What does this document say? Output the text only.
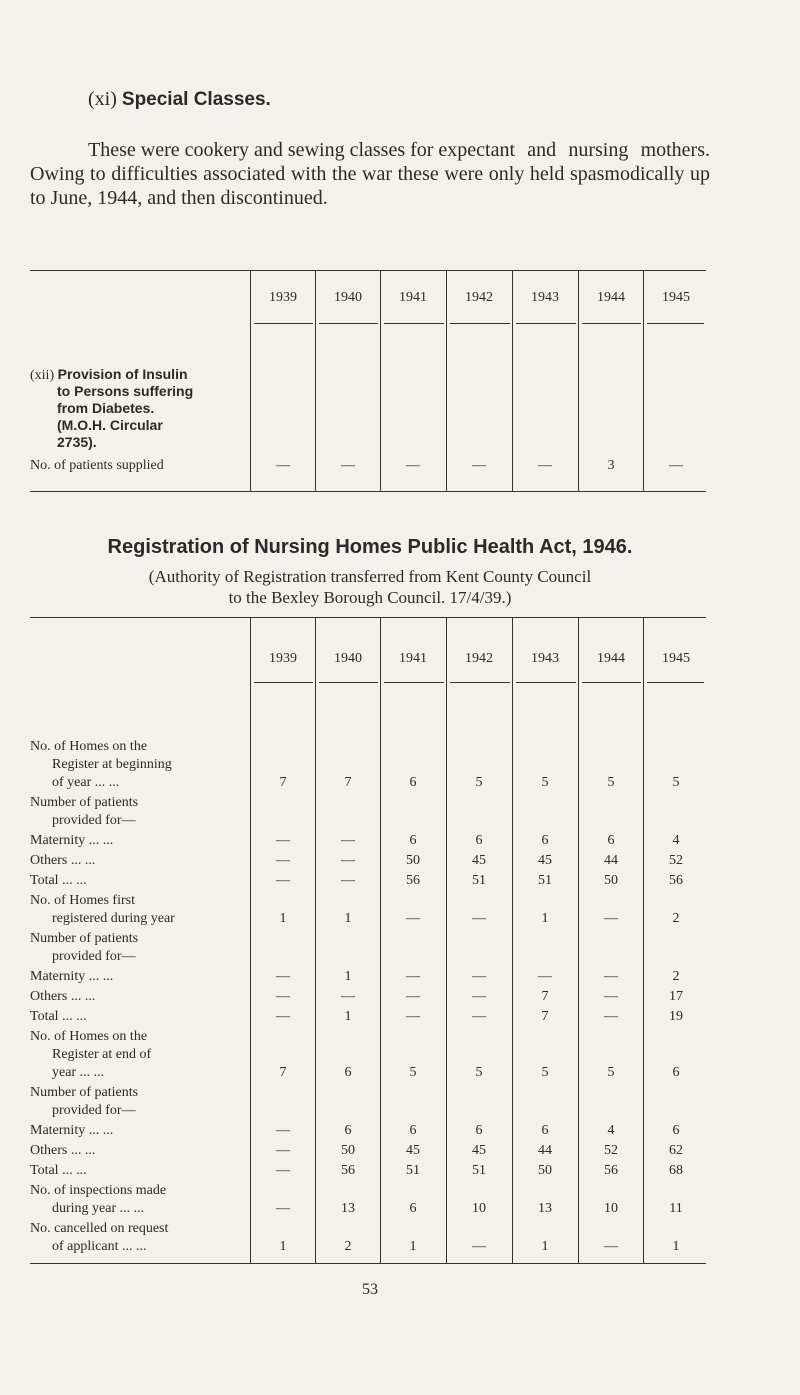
(xi) Special Classes.
These were cookery and sewing classes for expectant and nursing mothers. Owing to difficulties associated with the war these were only held spasmodically up to June, 1944, and then discontinued.
Registration of Nursing Homes Public Health Act, 1946.
(Authority of Registration transferred from Kent County Council
to the Bexley Borough Council. 17/4/39.)
53
1939	1940	1941	1942	1943	1944	1945
(xii) Provision of Insulin
to Persons suffering
from Diabetes.
(M.O.H. Circular
2735).
No. of patients supplied	—	—	—	—	—	3	—
1939	1940	1941	1942	1943	1944	1945
No. of Homes on the
Register at beginning
of year ... ...	7	7	6	5	5	5	5
Number of patients
provided for—
Maternity ... ...	—	—	6	6	6	6	4
Others ... ...	—	—	50	45	45	44	52
Total ... ...	—	—	56	51	51	50	56
No. of Homes first
registered during year	1	1	—	—	1	—	2
Number of patients
provided for—
Maternity ... ...	—	1	—	—	—	—	2
Others ... ...	—	—	—	—	7	—	17
Total ... ...	—	1	—	—	7	—	19
No. of Homes on the
Register at end of
year ... ...	7	6	5	5	5	5	6
Number of patients
provided for—
Maternity ... ...	—	6	6	6	6	4	6
Others ... ...	—	50	45	45	44	52	62
Total ... ...	—	56	51	51	50	56	68
No. of inspections made
during year ... ...	—	13	6	10	13	10	11
No. cancelled on request
of applicant ... ...	1	2	1	—	1	—	1
